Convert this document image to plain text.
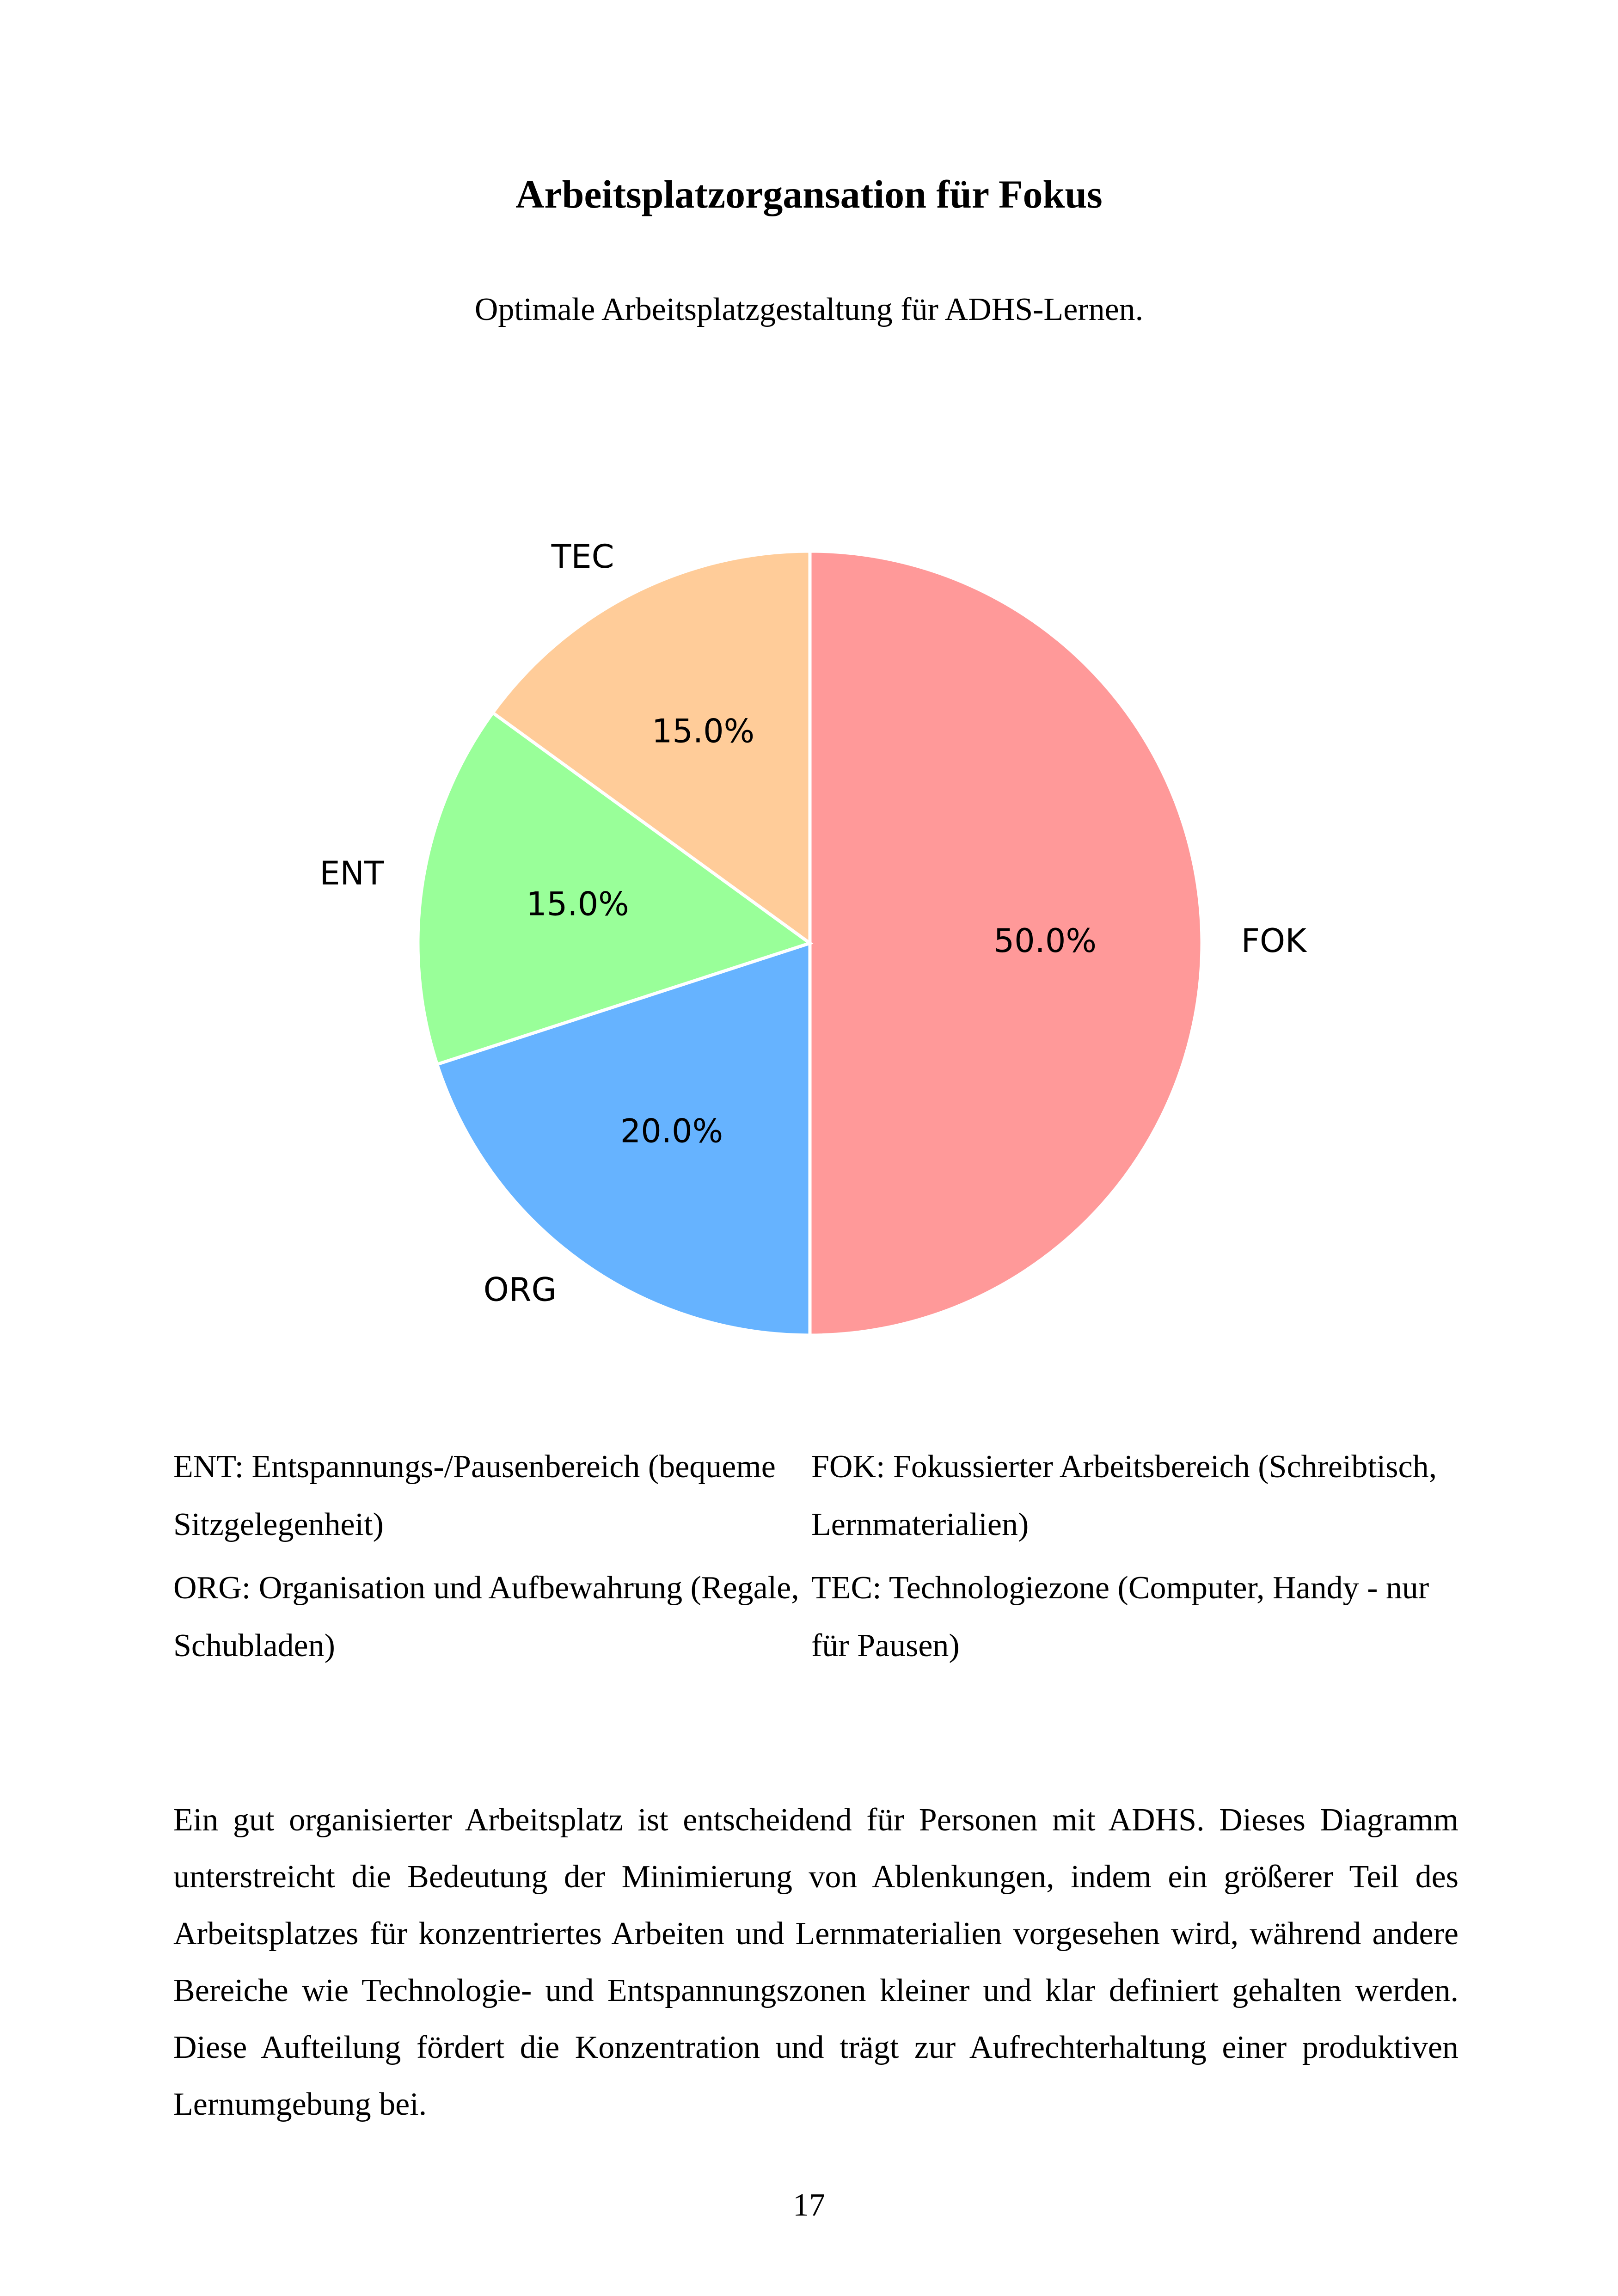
Arbeitsplatzorgansation für Fokus
Optimale Arbeitsplatzgestaltung für ADHS-Lernen.
FOK
50.0%
ORG
20.0%
ENT
15.0%
TEC
15.0%
ENT: Entspannungs-/Pausenbereich (bequeme Sitzgelegenheit)
FOK: Fokussierter Arbeitsbereich (Schreibtisch, Lernmaterialien)
ORG: Organisation und Aufbewahrung (Regale, Schubladen)
TEC: Technologiezone (Computer, Handy - nur für Pausen)
Ein gut organisierter Arbeitsplatz ist entscheidend für Personen mit ADHS. Dieses Diagramm unterstreicht die Bedeutung der Minimierung von Ablenkungen, indem ein größerer Teil des Arbeitsplatzes für konzentriertes Arbeiten und Lernmaterialien vorgesehen wird, während andere Bereiche wie Technologie- und Entspannungszonen kleiner und klar definiert gehalten werden. Diese Aufteilung fördert die Konzentration und trägt zur Aufrechterhaltung einer produktiven Lernumgebung bei.
17
